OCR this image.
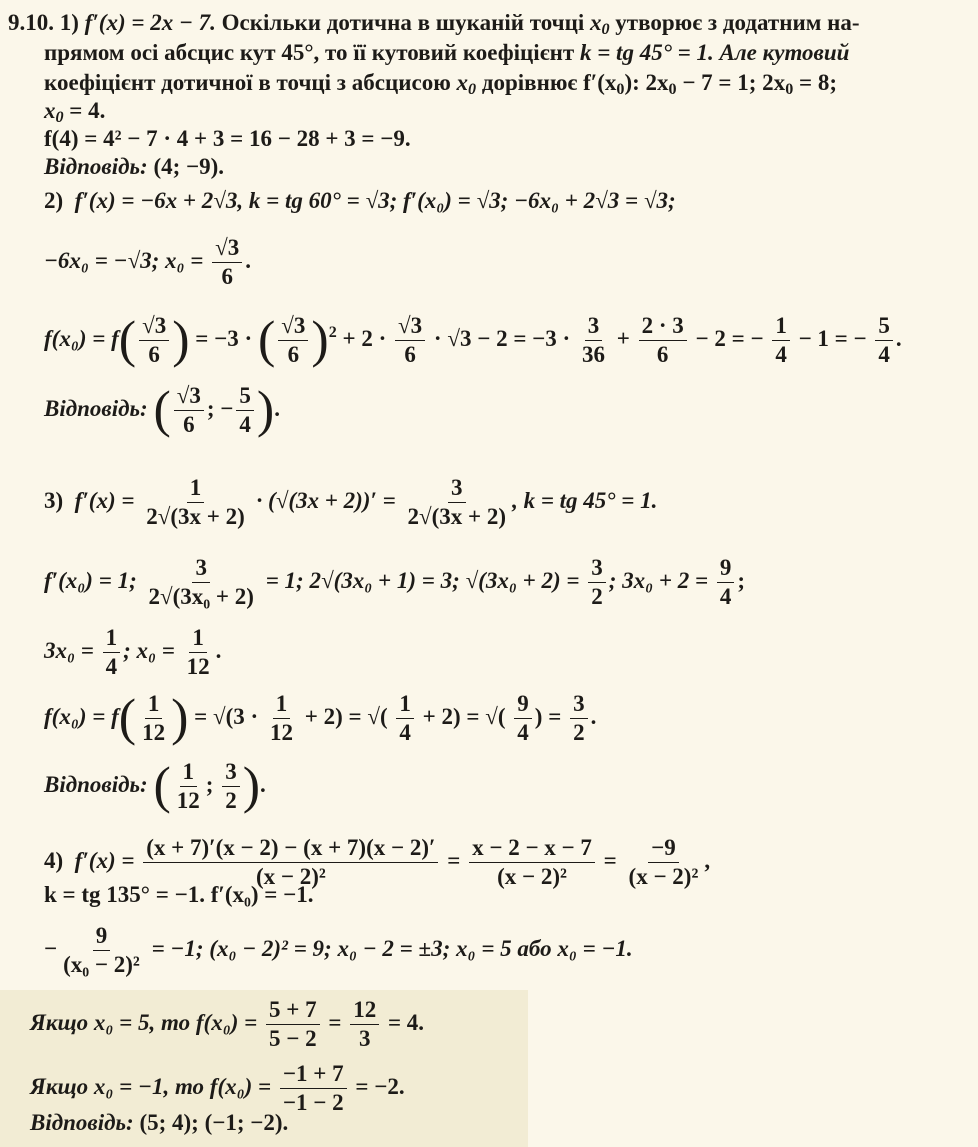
9.10. 1) f′(x) = 2x − 7. Оскільки дотична в шуканій точці $x_0$ утворює з додатним на-
прямом осі абсцис кут 45°, то її кутовий коефіцієнт k = tg 45° = 1. Але кутовий
коефіцієнт дотичної в точці з абсцисою $x_0$ дорівнює $f'(x_0)$: $2x_0 - 7 = 1$; $2x_0 = 8$;
$x_0 = 4$.
f(4) = 4² − 7 · 4 + 3 = 16 − 28 + 3 = −9.
Відповідь: (4; −9).
2) f′(x) = −6x + 2√3, k = tg 60° = √3; f′(x₀) = √3; −6x₀ + 2√3 = √3;
−6x₀ = −√3; $x_0 = \frac{√3}{6}$ .
$f(x_0) = f( \frac{√3}{6}$ ) = −3 · ( $\frac{√3}{6} )^2 + 2 \cdot \frac{√3}{6} \cdot √3 - 2 = -3 \cdot \frac{3}{36} + \frac{2 \cdot 3}{6} - 2$ = − $\frac{1}{4} - 1$ = − $\frac{5}{4}$ .
Відповідь: ( $\frac{√3}{6}$ ; − $\frac{5}{4}$ ).
3) $f'(x) = \frac{1}{2√(3x + 2)} \cdot (√(3x + 2))' = \frac{3}{2√(3x + 2)}$ , k = tg 45° = 1.
f′(x₀) = 1; $\frac{3}{\text{2√(3x₀ + 2)}} = 1$; 2√(3x₀ + 1) = 3; $√(3x_0 + 2) = \frac{3}{2}$ ; $3x_0 + 2 = \frac{9}{4}$ ;
$3x_0 = \frac{1}{4}$ ; $x_0 = \frac{1}{12}$ .
$f(x_0) = f( \frac{1}{12}$ ) = $√(3 \cdot \frac{1}{12} + 2)$ = √( $\frac{1}{4} + 2$) = √( $\frac{9}{4}$ ) = $\frac{3}{2}$ .
Відповідь: ( $\frac{1}{12}$ ; $\frac{3}{2}$ ).
4) $f'(x) = \frac{(x + 7)'(x - 2) - (x + 7)(x - 2)'}{\text{(x − 2)²}} = \frac{x - 2 - x - 7}{\text{(x − 2)²}} = \frac{-9}{\text{(x − 2)²}}$ ,
k = tg 135° = −1. f′(x₀) = −1.
− $\frac{9}{\text{(x₀ − 2)²}} = -1$; (x₀ − 2)² = 9; x₀ − 2 = ±3; x₀ = 5 або x₀ = −1.
Якщо x₀ = 5, то $f(x_0) = \frac{5 + 7}{5 - 2} = \frac{12}{3} = 4$.
Якщо x₀ = −1, то $f(x_0) = \frac{-1 + 7}{-1 - 2} = -2$.
Відповідь: (5; 4); (−1; −2).
